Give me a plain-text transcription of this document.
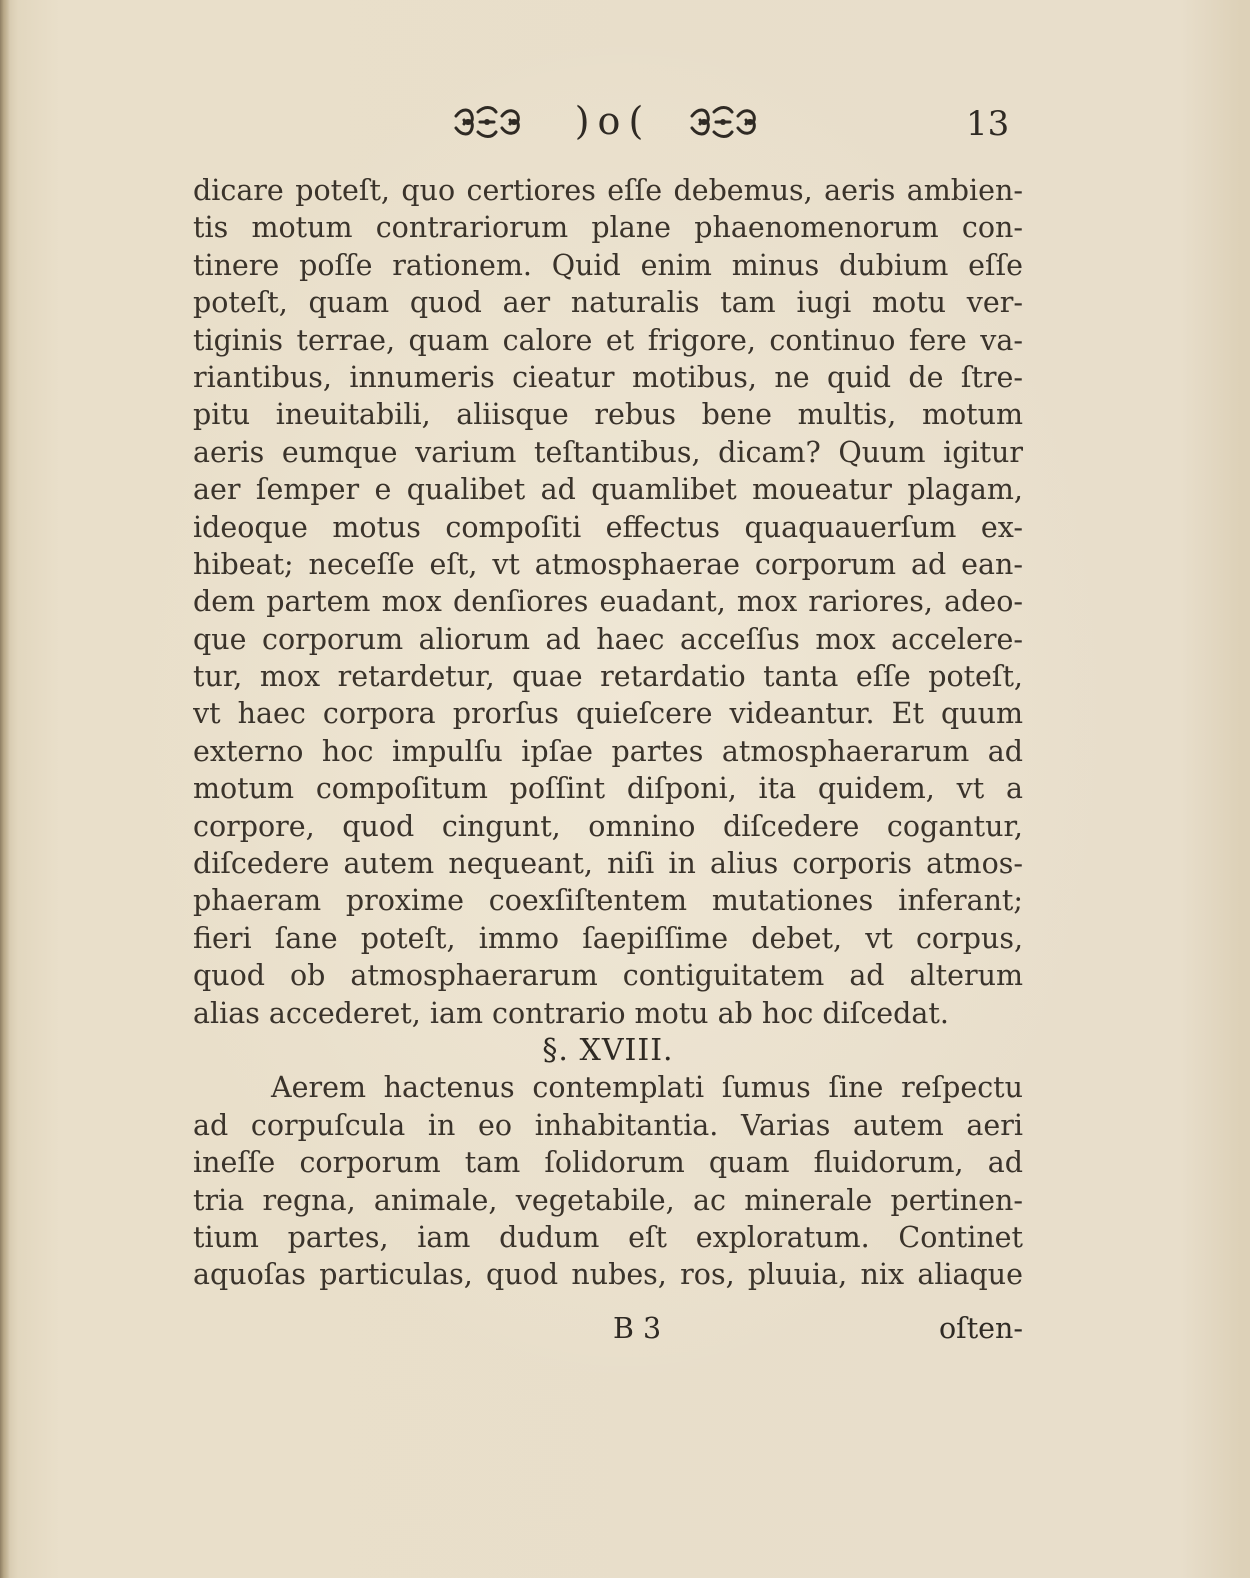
)o(	13
dicare poteſt, quo certiores eſſe debemus, aeris ambien-
tis motum contrariorum plane phaenomenorum con-
tinere poſſe rationem. Quid enim minus dubium eſſe
poteſt, quam quod aer naturalis tam iugi motu ver-
tiginis terrae, quam calore et frigore, continuo fere va-
riantibus, innumeris cieatur motibus, ne quid de ſtre-
pitu ineuitabili, aliisque rebus bene multis, motum
aeris eumque varium teſtantibus, dicam? Quum igitur
aer ſemper e qualibet ad quamlibet moueatur plagam,
ideoque motus compoſiti effectus quaquauerſum ex-
hibeat; neceſſe eſt, vt atmosphaerae corporum ad ean-
dem partem mox denſiores euadant, mox rariores, adeo-
que corporum aliorum ad haec acceſſus mox accelere-
tur, mox retardetur, quae retardatio tanta eſſe poteſt,
vt haec corpora prorſus quieſcere videantur. Et quum
externo hoc impulſu ipſae partes atmosphaerarum ad
motum compoſitum poſſint diſponi, ita quidem, vt a
corpore, quod cingunt, omnino diſcedere cogantur,
diſcedere autem nequeant, niſi in alius corporis atmos-
phaeram proxime coexſiſtentem mutationes inferant;
fieri ſane poteſt, immo ſaepiſſime debet, vt corpus,
quod ob atmosphaerarum contiguitatem ad alterum
alias accederet, iam contrario motu ab hoc diſcedat.
§. XVIII.
Aerem hactenus contemplati ſumus ſine reſpectu
ad corpuſcula in eo inhabitantia. Varias autem aeri
ineſſe corporum tam ſolidorum quam fluidorum, ad
tria regna, animale, vegetabile, ac minerale pertinen-
tium partes, iam dudum eſt exploratum. Continet
aquoſas particulas, quod nubes, ros, pluuia, nix aliaque
B 3	oſten-
